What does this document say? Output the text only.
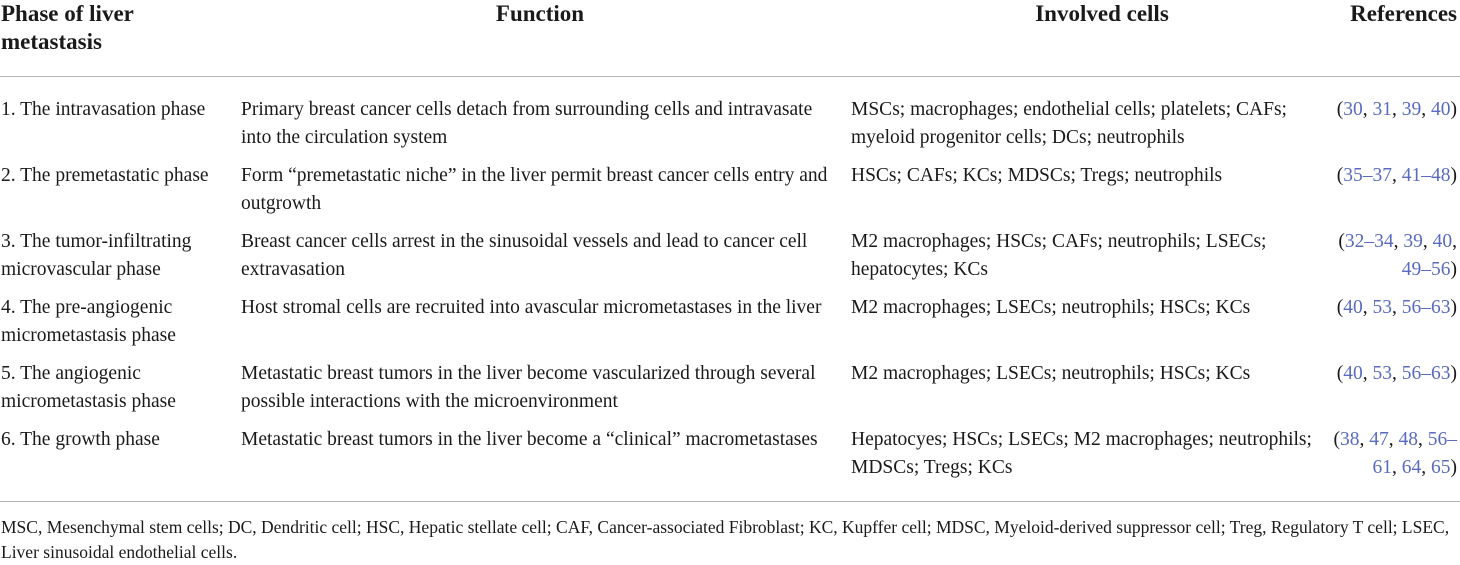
Phase of liver metastasis	Function	Involved cells	References
1. The intravasation phase	Primary breast cancer cells detach from surrounding cells and intravasate into the circulation system	MSCs; macrophages; endothelial cells; platelets; CAFs; myeloid progenitor cells; DCs; neutrophils	(30, 31, 39, 40)
2. The premetastatic phase	Form “premetastatic niche” in the liver permit breast cancer cells entry and outgrowth	HSCs; CAFs; KCs; MDSCs; Tregs; neutrophils	(35–37, 41–48)
3. The tumor-infiltrating microvascular phase	Breast cancer cells arrest in the sinusoidal vessels and lead to cancer cell extravasation	M2 macrophages; HSCs; CAFs; neutrophils; LSECs; hepatocytes; KCs	(32–34, 39, 40, 49–56)
4. The pre-angiogenic micrometastasis phase	Host stromal cells are recruited into avascular micrometastases in the liver	M2 macrophages; LSECs; neutrophils; HSCs; KCs	(40, 53, 56–63)
5. The angiogenic micrometastasis phase	Metastatic breast tumors in the liver become vascularized through several possible interactions with the microenvironment	M2 macrophages; LSECs; neutrophils; HSCs; KCs	(40, 53, 56–63)
6. The growth phase	Metastatic breast tumors in the liver become a “clinical” macrometastases	Hepatocyes; HSCs; LSECs; M2 macrophages; neutrophils; MDSCs; Tregs; KCs	(38, 47, 48, 56–61, 64, 65)
MSC, Mesenchymal stem cells; DC, Dendritic cell; HSC, Hepatic stellate cell; CAF, Cancer-associated Fibroblast; KC, Kupffer cell; MDSC, Myeloid-derived suppressor cell; Treg, Regulatory T cell; LSEC, Liver sinusoidal endothelial cells.
